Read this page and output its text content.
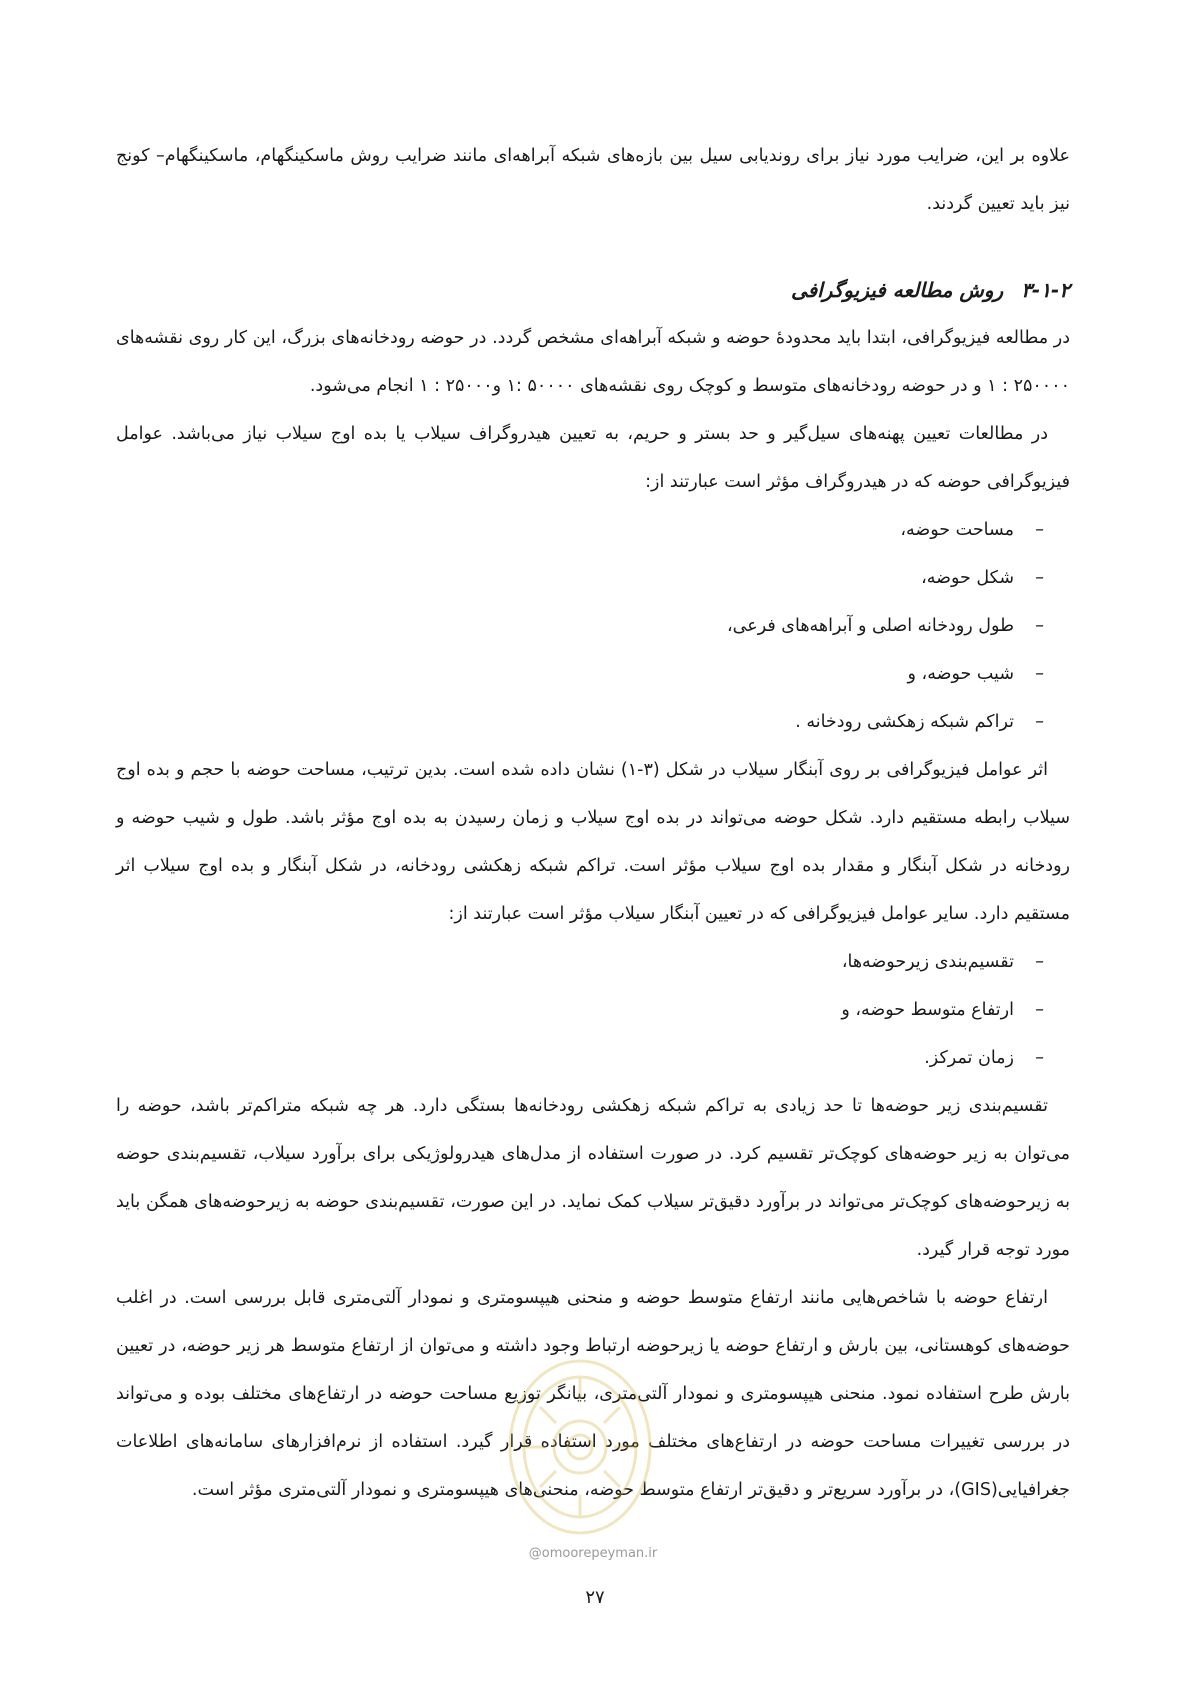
علاوه بر این، ضرایب مورد نیاز برای روندیابی سیل بین بازه‌های شبکه آبراهه‌ای مانند ضرایب روش ماسکینگهام، ماسکینگهام– کونج نیز باید تعیین گردند.

۳-۱-۲روش مطالعه فیزیوگرافی

در مطالعه فیزیوگرافی، ابتدا باید محدودهٔ حوضه و شبکه آبراهه‌ای مشخص گردد. در حوضه رودخانه‌های بزرگ، این کار روی نقشه‌های ۲۵۰۰۰۰ : ۱ و در حوضه رودخانه‌های متوسط و کوچک روی نقشه‌های ۵۰۰۰۰ :۱ و۲۵۰۰۰ : ۱ انجام می‌شود.

در مطالعات تعیین پهنه‌های سیل‌گیر و حد بستر و حریم، به تعیین هیدروگراف سیلاب یا بده اوج سیلاب نیاز می‌باشد. عوامل فیزیوگرافی حوضه که در هیدروگراف مؤثر است عبارتند از:

–مساحت حوضه،
–شکل حوضه،
–طول رودخانه اصلی و آبراهه‌های فرعی،
–شیب حوضه، و
–تراکم شبکه زهکشی رودخانه .

اثر عوامل فیزیوگرافی بر روی آبنگار سیلاب در شکل (۳-۱) نشان داده شده است. بدین ترتیب، مساحت حوضه با حجم و بده اوج سیلاب رابطه مستقیم دارد. شکل حوضه می‌تواند در بده اوج سیلاب و زمان رسیدن به بده اوج مؤثر باشد. طول و شیب حوضه و رودخانه در شکل آبنگار و مقدار بده اوج سیلاب مؤثر است. تراکم شبکه زهکشی رودخانه، در شکل آبنگار و بده اوج سیلاب اثر مستقیم دارد. سایر عوامل فیزیوگرافی که در تعیین آبنگار سیلاب مؤثر است عبارتند از:

–تقسیم‌بندی زیرحوضه‌ها،
–ارتفاع متوسط حوضه، و
–زمان تمرکز.

تقسیم‌بندی زیر حوضه‌ها تا حد زیادی به تراکم شبکه زهکشی رودخانه‌ها بستگی دارد. هر چه شبکه متراکم‌تر باشد، حوضه را می‌توان به زیر حوضه‌های کوچک‌تر تقسیم کرد. در صورت استفاده از مدل‌های هیدرولوژیکی برای برآورد سیلاب، تقسیم‌بندی حوضه به زیرحوضه‌های کوچک‌تر می‌تواند در برآورد دقیق‌تر سیلاب کمک نماید. در این صورت، تقسیم‌بندی حوضه به زیرحوضه‌های همگن باید مورد توجه قرار گیرد.

ارتفاع حوضه با شاخص‌هایی مانند ارتفاع متوسط حوضه و منحنی هیپسومتری و نمودار آلتی‌متری قابل بررسی است. در اغلب حوضه‌های کوهستانی، بین بارش و ارتفاع حوضه یا زیرحوضه ارتباط وجود داشته و می‌توان از ارتفاع متوسط هر زیر حوضه، در تعیین بارش طرح استفاده نمود. منحنی هیپسومتری و نمودار آلتی‌متری، بیانگر توزیع مساحت حوضه در ارتفاع‌های مختلف بوده و می‌تواند در بررسی تغییرات مساحت حوضه در ارتفاع‌های مختلف مورد استفاده قرار گیرد. استفاده از نرم‌افزارهای سامانه‌های اطلاعات جغرافیایی(GIS)، در برآورد سریع‌تر و دقیق‌تر ارتفاع متوسط حوضه، منحنی‌های هیپسومتری و نمودار آلتی‌متری مؤثر است.

@omoorepeyman.ir
۲۷
